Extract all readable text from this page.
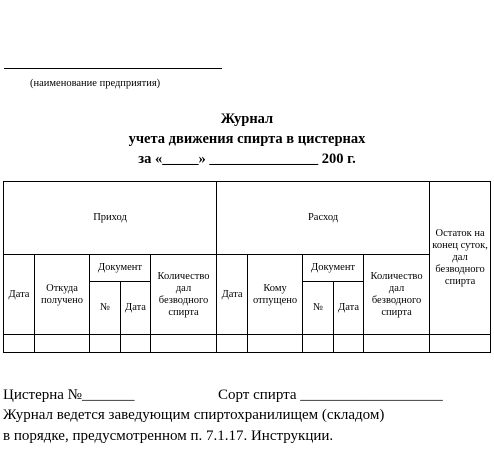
(наименование предприятия)
Журнал
учета движения спирта в цистернах
за «_____» _______________ 200 г.
Приход					Расход					Остаток на конец суток, дал безводного спирта
Дата	Откуда получено	Документ		Количество дал безводного спирта	Дата	Кому отпущено	Документ		Количество дал безводного спирта	
		№	Дата				№	Дата		

Цистерна №_______	Сорт спирта ___________________
Журнал ведется заведующим спиртохранилищем (складом)
в порядке, предусмотренном п. 7.1.17. Инструкции.
